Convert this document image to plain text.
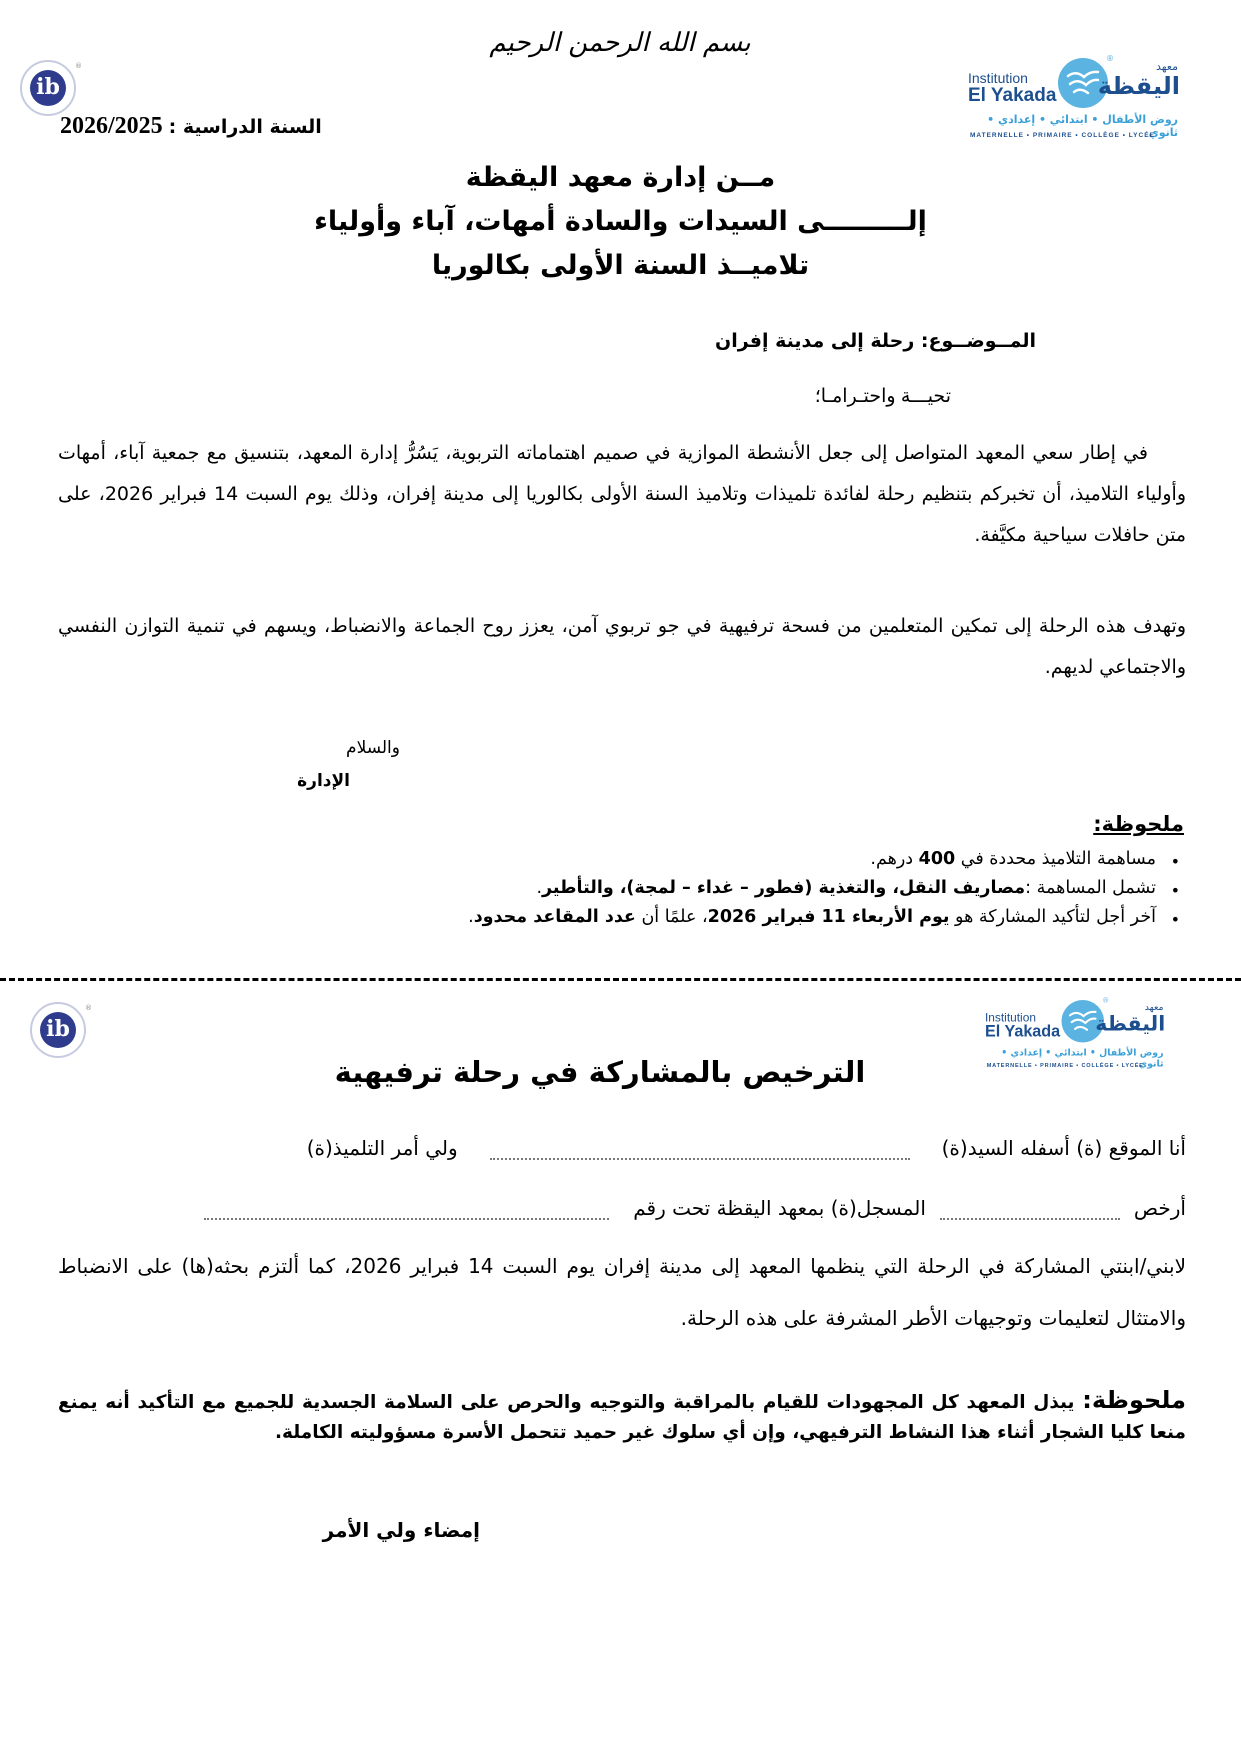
بسم الله الرحمن الرحيم
Institution
El Yakada
®
معهد
اليقظة
روض الأطفال • ابتدائي • إعدادي • ثانوي
MATERNELLE • PRIMAIRE • COLLÈGE • LYCÉE
ib
®
السنة الدراسية : 2026/2025
مــن إدارة معهد اليقظة
إلـــــــــى السيدات والسادة أمهات، آباء وأولياء
تلاميــذ السنة الأولى بكالوريا
المــوضــوع: رحلة إلى مدينة إفران
تحيـــة واحتـرامـا؛
في إطار سعي المعهد المتواصل إلى جعل الأنشطة الموازية في صميم اهتماماته التربوية، يَسُرُّ إدارة المعهد، بتنسيق مع جمعية آباء، أمهات وأولياء التلاميذ، أن تخبركم بتنظيم رحلة لفائدة تلميذات وتلاميذ السنة الأولى بكالوريا إلى مدينة إفران، وذلك يوم السبت 14 فبراير 2026، على متن حافلات سياحية مكيَّفة.
وتهدف هذه الرحلة إلى تمكين المتعلمين من فسحة ترفيهية في جو تربوي آمن، يعزز روح الجماعة والانضباط، ويسهم في تنمية التوازن النفسي والاجتماعي لديهم.
والسلام
الإدارة
ملحوظة:
• مساهمة التلاميذ محددة في 400 درهم.
• تشمل المساهمة :مصاريف النقل، والتغذية (فطور – غداء – لمجة)، والتأطير.
• آخر أجل لتأكيد المشاركة هو يوم الأربعاء 11 فبراير 2026، علمًا أن عدد المقاعد محدود.
ib
®
Institution
El Yakada
®
معهد
اليقظة
روض الأطفال • ابتدائي • إعدادي • ثانوي
MATERNELLE • PRIMAIRE • COLLÈGE • LYCÉE
الترخيص بالمشاركة في رحلة ترفيهية
أنا الموقع (ة) أسفله السيد(ة)
ولي أمر التلميذ(ة)
أرخص
المسجل(ة) بمعهد اليقظة تحت رقم
لابني/ابنتي المشاركة في الرحلة التي ينظمها المعهد إلى مدينة إفران يوم السبت 14 فبراير 2026، كما ألتزم بحثه(ها) على الانضباط والامتثال لتعليمات وتوجيهات الأطر المشرفة على هذه الرحلة.
ملحوظة: يبذل المعهد كل المجهودات للقيام بالمراقبة والتوجيه والحرص على السلامة الجسدية للجميع مع التأكيد أنه يمنع منعا كليا الشجار أثناء هذا النشاط الترفيهي، وإن أي سلوك غير حميد تتحمل الأسرة مسؤوليته الكاملة.
إمضاء ولي الأمر
